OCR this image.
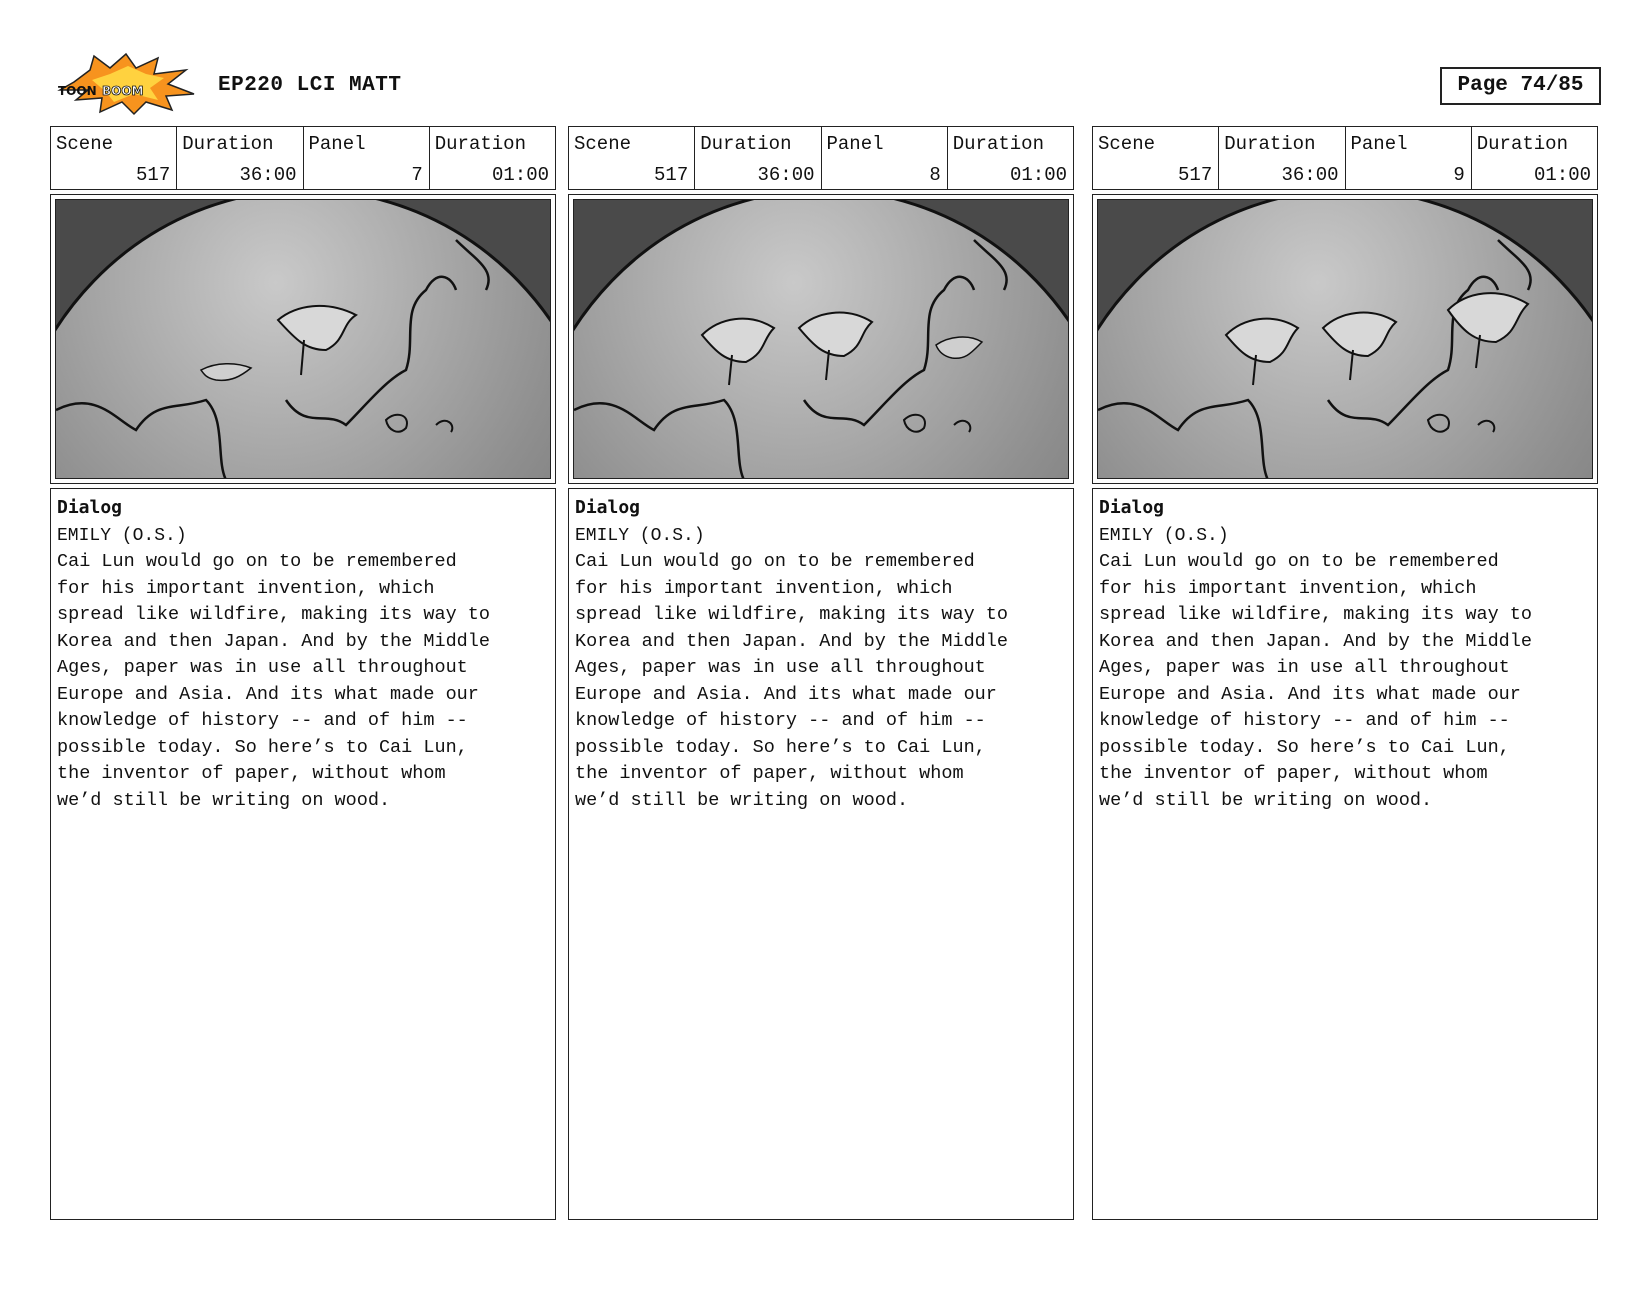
TOON BOOM	EP220 LCI MATT	Page 74/85
Scene
517
Duration
36:00
Panel
7
Duration
01:00
Dialog
EMILY (O.S.)
Cai Lun would go on to be remembered
for his important invention, which
spread like wildfire, making its way to
Korea and then Japan. And by the Middle
Ages, paper was in use all throughout
Europe and Asia. And its what made our
knowledge of history -- and of him --
possible today. So here’s to Cai Lun,
the inventor of paper, without whom
we’d still be writing on wood.
Scene
517
Duration
36:00
Panel
8
Duration
01:00
Dialog
EMILY (O.S.)
Cai Lun would go on to be remembered
for his important invention, which
spread like wildfire, making its way to
Korea and then Japan. And by the Middle
Ages, paper was in use all throughout
Europe and Asia. And its what made our
knowledge of history -- and of him --
possible today. So here’s to Cai Lun,
the inventor of paper, without whom
we’d still be writing on wood.
Scene
517
Duration
36:00
Panel
9
Duration
01:00
Dialog
EMILY (O.S.)
Cai Lun would go on to be remembered
for his important invention, which
spread like wildfire, making its way to
Korea and then Japan. And by the Middle
Ages, paper was in use all throughout
Europe and Asia. And its what made our
knowledge of history -- and of him --
possible today. So here’s to Cai Lun,
the inventor of paper, without whom
we’d still be writing on wood.
